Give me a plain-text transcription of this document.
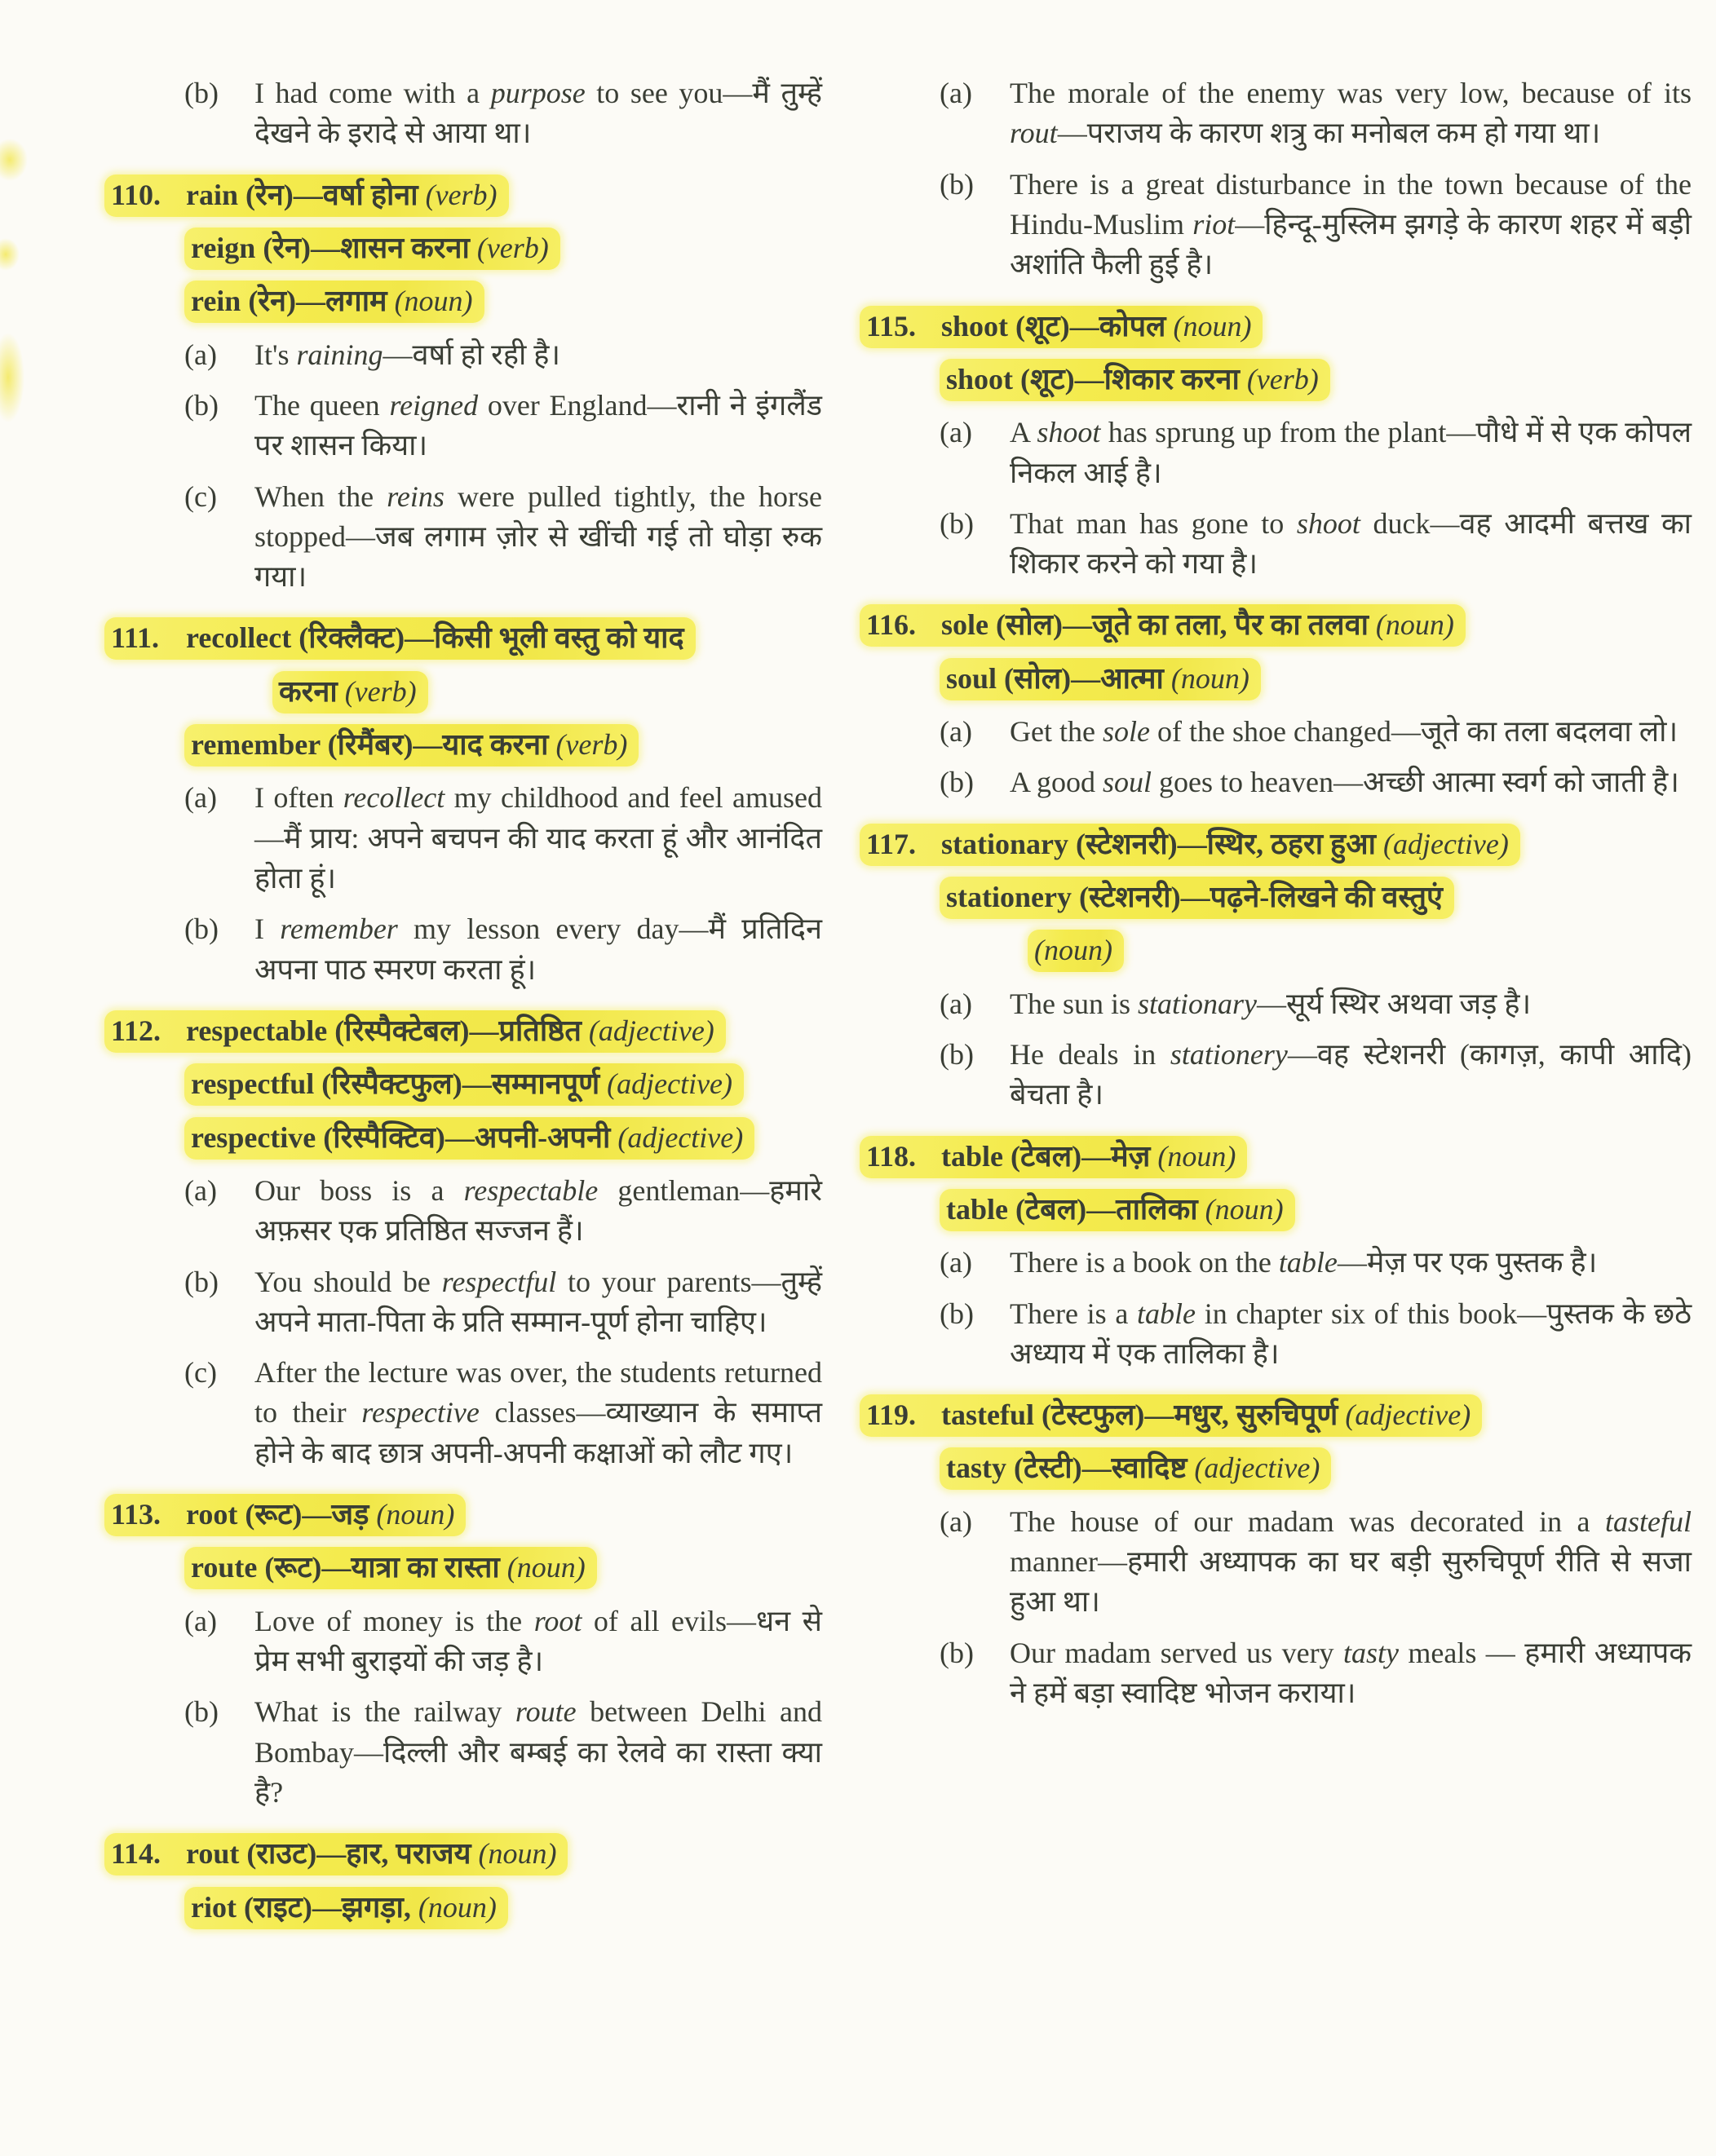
(b)	I had come with a purpose to see you—मैं तुम्हें देखने के इरादे से आया था।
110. rain (रेन)—वर्षा होना (verb)
reign (रेन)—शासन करना (verb)
rein (रेन)—लगाम (noun)
(a)	It's raining—वर्षा हो रही है।
(b)	The queen reigned over England—रानी ने इंगलैंड पर शासन किया।
(c)	When the reins were pulled tightly, the horse stopped—जब लगाम ज़ोर से खींची गई तो घोड़ा रुक गया।
111. recollect (रिक्लैक्ट)—किसी भूली वस्तु को याद
करना (verb)
remember (रिमैंबर)—याद करना (verb)
(a)	I often recollect my childhood and feel amused—मैं प्राय: अपने बचपन की याद करता हूं और आनंदित होता हूं।
(b)	I remember my lesson every day—मैं प्रतिदिन अपना पाठ स्मरण करता हूं।
112. respectable (रिस्पैक्टेबल)—प्रतिष्ठित (adjective)
respectful (रिस्पैक्टफुल)—सम्मानपूर्ण (adjective)
respective (रिस्पैक्टिव)—अपनी-अपनी (adjective)
(a)	Our boss is a respectable gentleman—हमारे अफ़सर एक प्रतिष्ठित सज्जन हैं।
(b)	You should be respectful to your parents—तुम्हें अपने माता-पिता के प्रति सम्मान-पूर्ण होना चाहिए।
(c)	After the lecture was over, the students returned to their respective classes—व्याख्यान के समाप्त होने के बाद छात्र अपनी-अपनी कक्षाओं को लौट गए।
113. root (रूट)—जड़ (noun)
route (रूट)—यात्रा का रास्ता (noun)
(a)	Love of money is the root of all evils—धन से प्रेम सभी बुराइयों की जड़ है।
(b)	What is the railway route between Delhi and Bombay—दिल्ली और बम्बई का रेलवे का रास्ता क्या है?
114. rout (राउट)—हार, पराजय (noun)
riot (राइट)—झगड़ा, (noun)
(a)	The morale of the enemy was very low, because of its rout—पराजय के कारण शत्रु का मनोबल कम हो गया था।
(b)	There is a great disturbance in the town because of the Hindu-Muslim riot—हिन्दू-मुस्लिम झगड़े के कारण शहर में बड़ी अशांति फैली हुई है।
115. shoot (शूट)—कोपल (noun)
shoot (शूट)—शिकार करना (verb)
(a)	A shoot has sprung up from the plant—पौधे में से एक कोपल निकल आई है।
(b)	That man has gone to shoot duck—वह आदमी बत्तख का शिकार करने को गया है।
116. sole (सोल)—जूते का तला, पैर का तलवा (noun)
soul (सोल)—आत्मा (noun)
(a)	Get the sole of the shoe changed—जूते का तला बदलवा लो।
(b)	A good soul goes to heaven—अच्छी आत्मा स्वर्ग को जाती है।
117. stationary (स्टेशनरी)—स्थिर, ठहरा हुआ (adjective)
stationery (स्टेशनरी)—पढ़ने-लिखने की वस्तुएं
(noun)
(a)	The sun is stationary—सूर्य स्थिर अथवा जड़ है।
(b)	He deals in stationery—वह स्टेशनरी (कागज़, कापी आदि) बेचता है।
118. table (टेबल)—मेज़ (noun)
table (टेबल)—तालिका (noun)
(a)	There is a book on the table—मेज़ पर एक पुस्तक है।
(b)	There is a table in chapter six of this book—पुस्तक के छठे अध्याय में एक तालिका है।
119. tasteful (टेस्टफुल)—मधुर, सुरुचिपूर्ण (adjective)
tasty (टेस्टी)—स्वादिष्ट (adjective)
(a)	The house of our madam was decorated in a tasteful manner—हमारी अध्यापक का घर बड़ी सुरुचिपूर्ण रीति से सजा हुआ था।
(b)	Our madam served us very tasty meals — हमारी अध्यापक ने हमें बड़ा स्वादिष्ट भोजन कराया।
